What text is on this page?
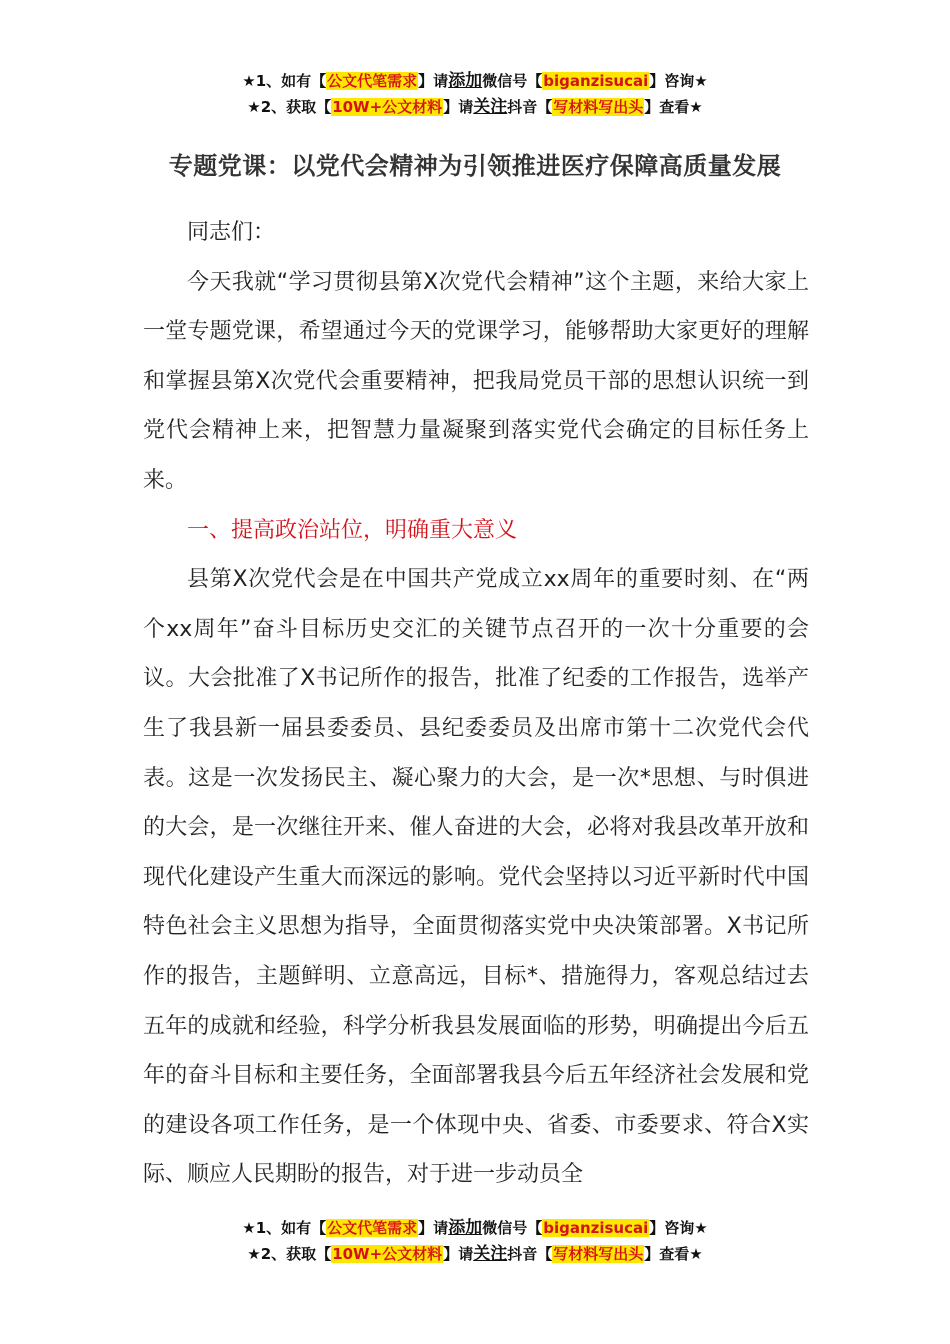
★1、如有【公文代笔需求】请添加微信号【biganzisucai】咨询★
★2、获取【10W+公文材料】请关注抖音【写材料写出头】查看★
专题党课：以党代会精神为引领推进医疗保障高质量发展

同志们：

今天我就“学习贯彻县第X次党代会精神”这个主题，来给大家上一堂专题党课，希望通过今天的党课学习，能够帮助大家更好的理解和掌握县第X次党代会重要精神，把我局党员干部的思想认识统一到党代会精神上来，把智慧力量凝聚到落实党代会确定的目标任务上来。

一、提高政治站位，明确重大意义

县第X次党代会是在中国共产党成立xx周年的重要时刻、在“两个xx周年”奋斗目标历史交汇的关键节点召开的一次十分重要的会议。大会批准了X书记所作的报告，批准了纪委的工作报告，选举产生了我县新一届县委委员、县纪委委员及出席市第十二次党代会代表。这是一次发扬民主、凝心聚力的大会，是一次*思想、与时俱进的大会，是一次继往开来、催人奋进的大会，必将对我县改革开放和现代化建设产生重大而深远的影响。党代会坚持以习近平新时代中国特色社会主义思想为指导，全面贯彻落实党中央决策部署。X书记所作的报告，主题鲜明、立意高远，目标*、措施得力，客观总结过去五年的成就和经验，科学分析我县发展面临的形势，明确提出今后五年的奋斗目标和主要任务，全面部署我县今后五年经济社会发展和党的建设各项工作任务，是一个体现中央、省委、市委要求、符合X实际、顺应人民期盼的报告，对于进一步动员全

★1、如有【公文代笔需求】请添加微信号【biganzisucai】咨询★
★2、获取【10W+公文材料】请关注抖音【写材料写出头】查看★
